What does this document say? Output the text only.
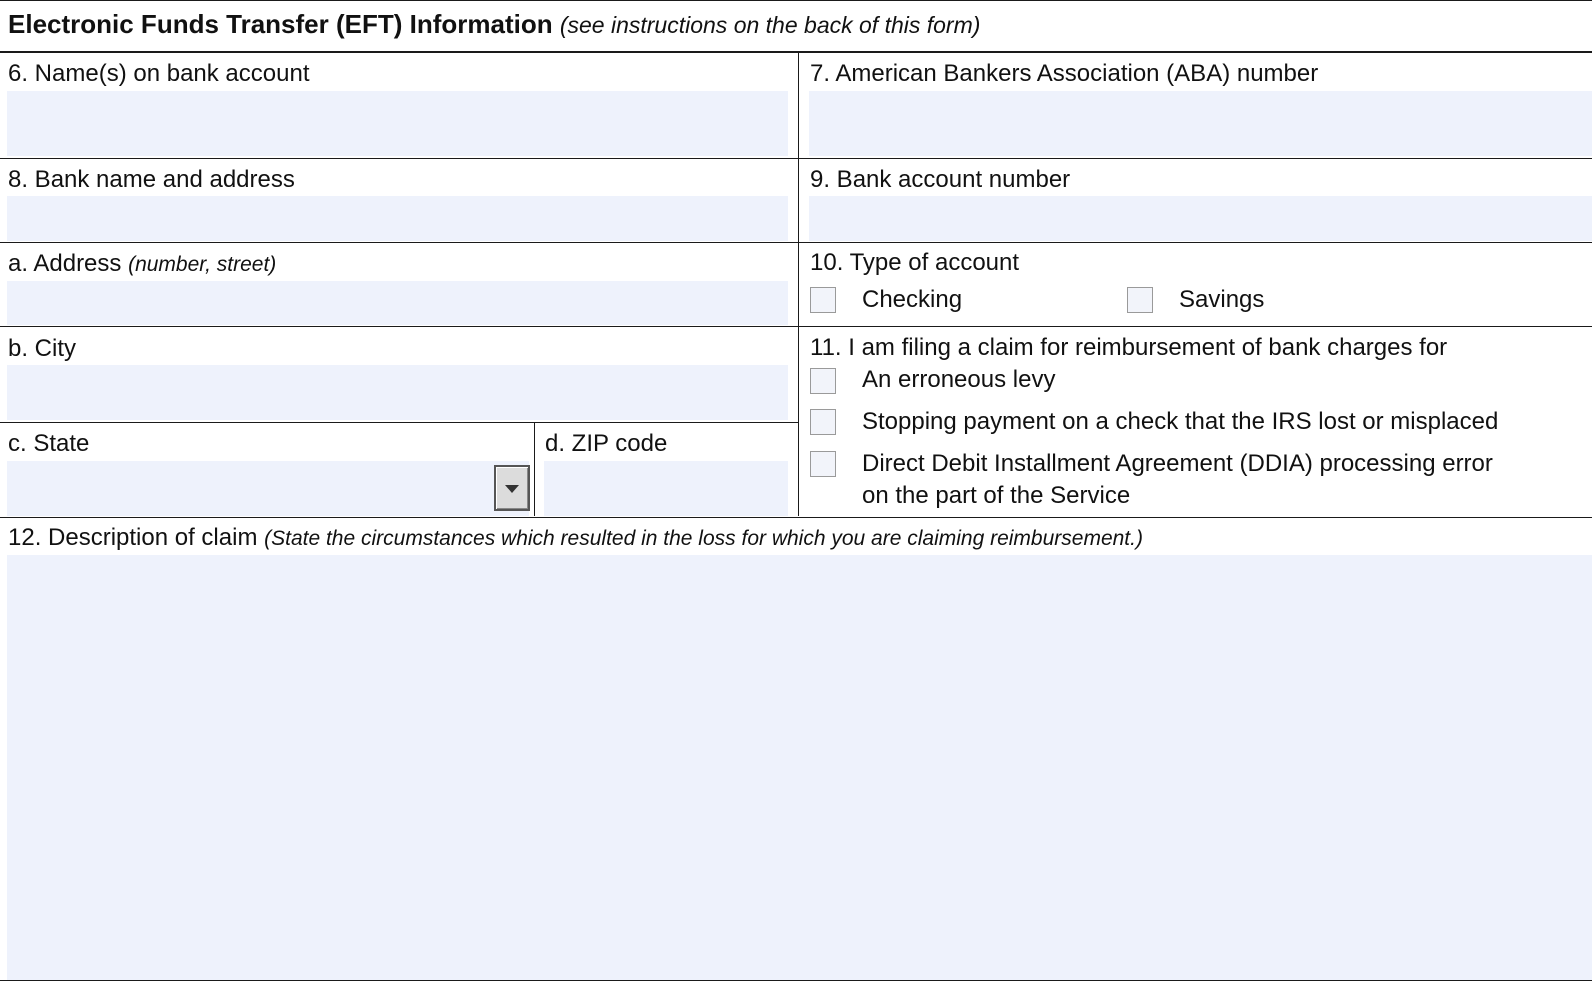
Electronic Funds Transfer (EFT) Information (see instructions on the back of this form)
6. Name(s) on bank account	7. American Bankers Association (ABA) number
8. Bank name and address	9. Bank account number
a. Address (number, street)	10. Type of account
Checking	Savings
b. City	11. I am filing a claim for reimbursement of bank charges for
An erroneous levy
Stopping payment on a check that the IRS lost or misplaced
Direct Debit Installment Agreement (DDIA) processing error
on the part of the Service
c. State	d. ZIP code
12. Description of claim (State the circumstances which resulted in the loss for which you are claiming reimbursement.)
